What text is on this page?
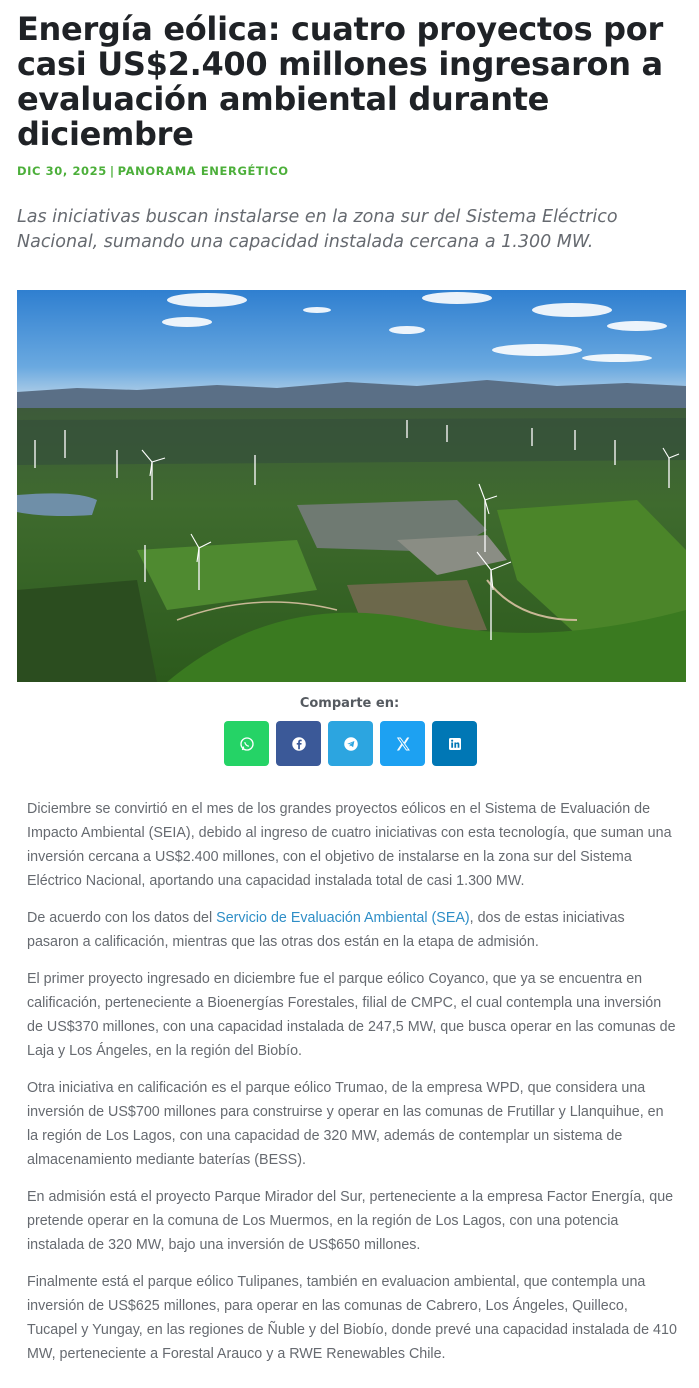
Energía eólica: cuatro proyectos por casi US$2.400 millones ingresaron a evaluación ambiental durante diciembre
DIC 30, 2025 | PANORAMA ENERGÉTICO

Las iniciativas buscan instalarse en la zona sur del Sistema Eléctrico Nacional, sumando una capacidad instalada cercana a 1.300 MW.

Comparte en:

Diciembre se convirtió en el mes de los grandes proyectos eólicos en el Sistema de Evaluación de Impacto Ambiental (SEIA), debido al ingreso de cuatro iniciativas con esta tecnología, que suman una inversión cercana a US$2.400 millones, con el objetivo de instalarse en la zona sur del Sistema Eléctrico Nacional, aportando una capacidad instalada total de casi 1.300 MW.

De acuerdo con los datos del Servicio de Evaluación Ambiental (SEA), dos de estas iniciativas pasaron a calificación, mientras que las otras dos están en la etapa de admisión.

El primer proyecto ingresado en diciembre fue el parque eólico Coyanco, que ya se encuentra en calificación, perteneciente a Bioenergías Forestales, filial de CMPC, el cual contempla una inversión de US$370 millones, con una capacidad instalada de 247,5 MW, que busca operar en las comunas de Laja y Los Ángeles, en la región del Biobío.

Otra iniciativa en calificación es el parque eólico Trumao, de la empresa WPD, que considera una inversión de US$700 millones para construirse y operar en las comunas de Frutillar y Llanquihue, en la región de Los Lagos, con una capacidad de 320 MW, además de contemplar un sistema de almacenamiento mediante baterías (BESS).

En admisión está el proyecto Parque Mirador del Sur, perteneciente a la empresa Factor Energía, que pretende operar en la comuna de Los Muermos, en la región de Los Lagos, con una potencia instalada de 320 MW, bajo una inversión de US$650 millones.

Finalmente está el parque eólico Tulipanes, también en evaluacion ambiental, que contempla una inversión de US$625 millones, para operar en las comunas de Cabrero, Los Ángeles, Quilleco, Tucapel y Yungay, en las regiones de Ñuble y del Biobío, donde prevé una capacidad instalada de 410 MW, perteneciente a Forestal Arauco y a RWE Renewables Chile.
